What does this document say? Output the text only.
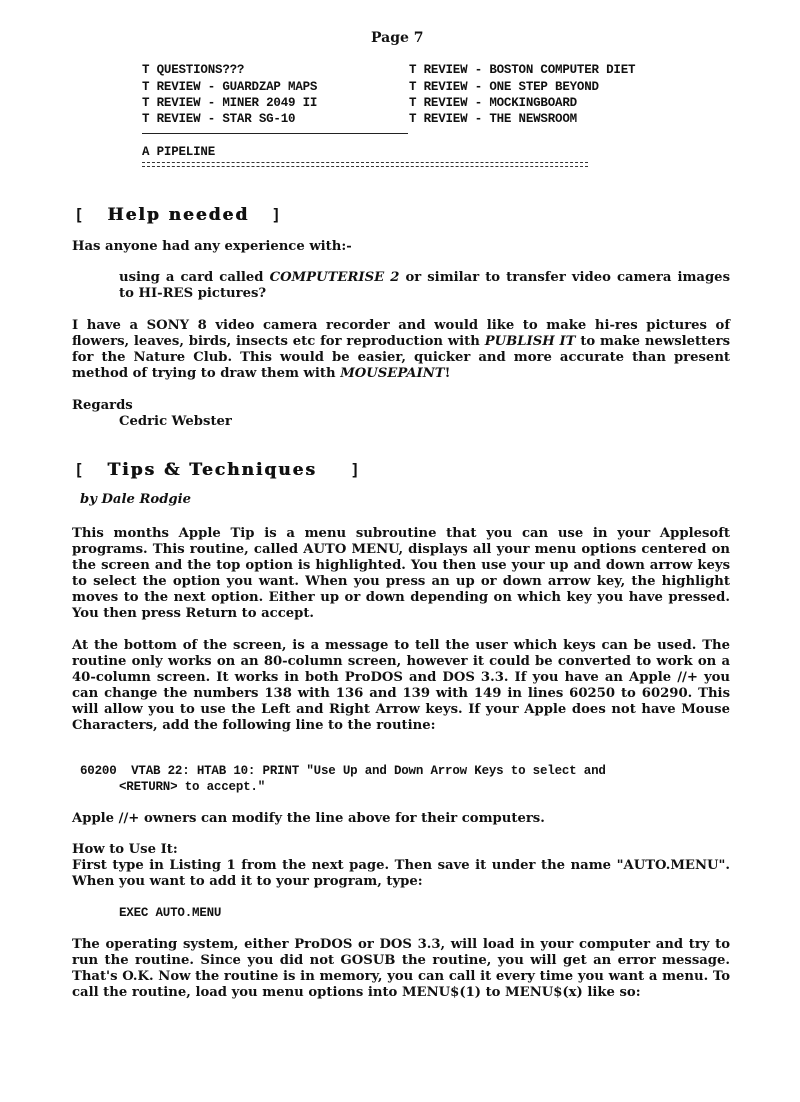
Page 7
T QUESTIONS???
T REVIEW - GUARDZAP MAPS
T REVIEW - MINER 2049 II
T REVIEW - STAR SG-10
T REVIEW - BOSTON COMPUTER DIET
T REVIEW - ONE STEP BEYOND
T REVIEW - MOCKINGBOARD
T REVIEW - THE NEWSROOM
A PIPELINE
[ Help needed ]
Has anyone had any experience with:-
using a card called COMPUTERISE 2 or similar to transfer video camera images to HI-RES pictures?
I have a SONY 8 video camera recorder and would like to make hi-res pictures of flowers, leaves, birds, insects etc for reproduction with PUBLISH IT to make newsletters for the Nature Club. This would be easier, quicker and more accurate than present method of trying to draw them with MOUSEPAINT!
Regards
Cedric Webster
[ Tips & Techniques ]
by Dale Rodgie
This months Apple Tip is a menu subroutine that you can use in your Applesoft programs. This routine, called AUTO MENU, displays all your menu options centered on the screen and the top option is highlighted. You then use your up and down arrow keys to select the option you want. When you press an up or down arrow key, the highlight moves to the next option. Either up or down depending on which key you have pressed. You then press Return to accept.
At the bottom of the screen, is a message to tell the user which keys can be used. The routine only works on an 80-column screen, however it could be converted to work on a 40-column screen. It works in both ProDOS and DOS 3.3. If you have an Apple //+ you can change the numbers 138 with 136 and 139 with 149 in lines 60250 to 60290. This will allow you to use the Left and Right Arrow keys. If your Apple does not have Mouse Characters, add the following line to the routine:
60200  VTAB 22: HTAB 10: PRINT "Use Up and Down Arrow Keys to select and
<RETURN> to accept."
Apple //+ owners can modify the line above for their computers.
How to Use It:
First type in Listing 1 from the next page. Then save it under the name "AUTO.MENU". When you want to add it to your program, type:
EXEC AUTO.MENU
The operating system, either ProDOS or DOS 3.3, will load in your computer and try to run the routine. Since you did not GOSUB the routine, you will get an error message. That's O.K. Now the routine is in memory, you can call it every time you want a menu. To call the routine, load you menu options into MENU$(1) to MENU$(x) like so:
